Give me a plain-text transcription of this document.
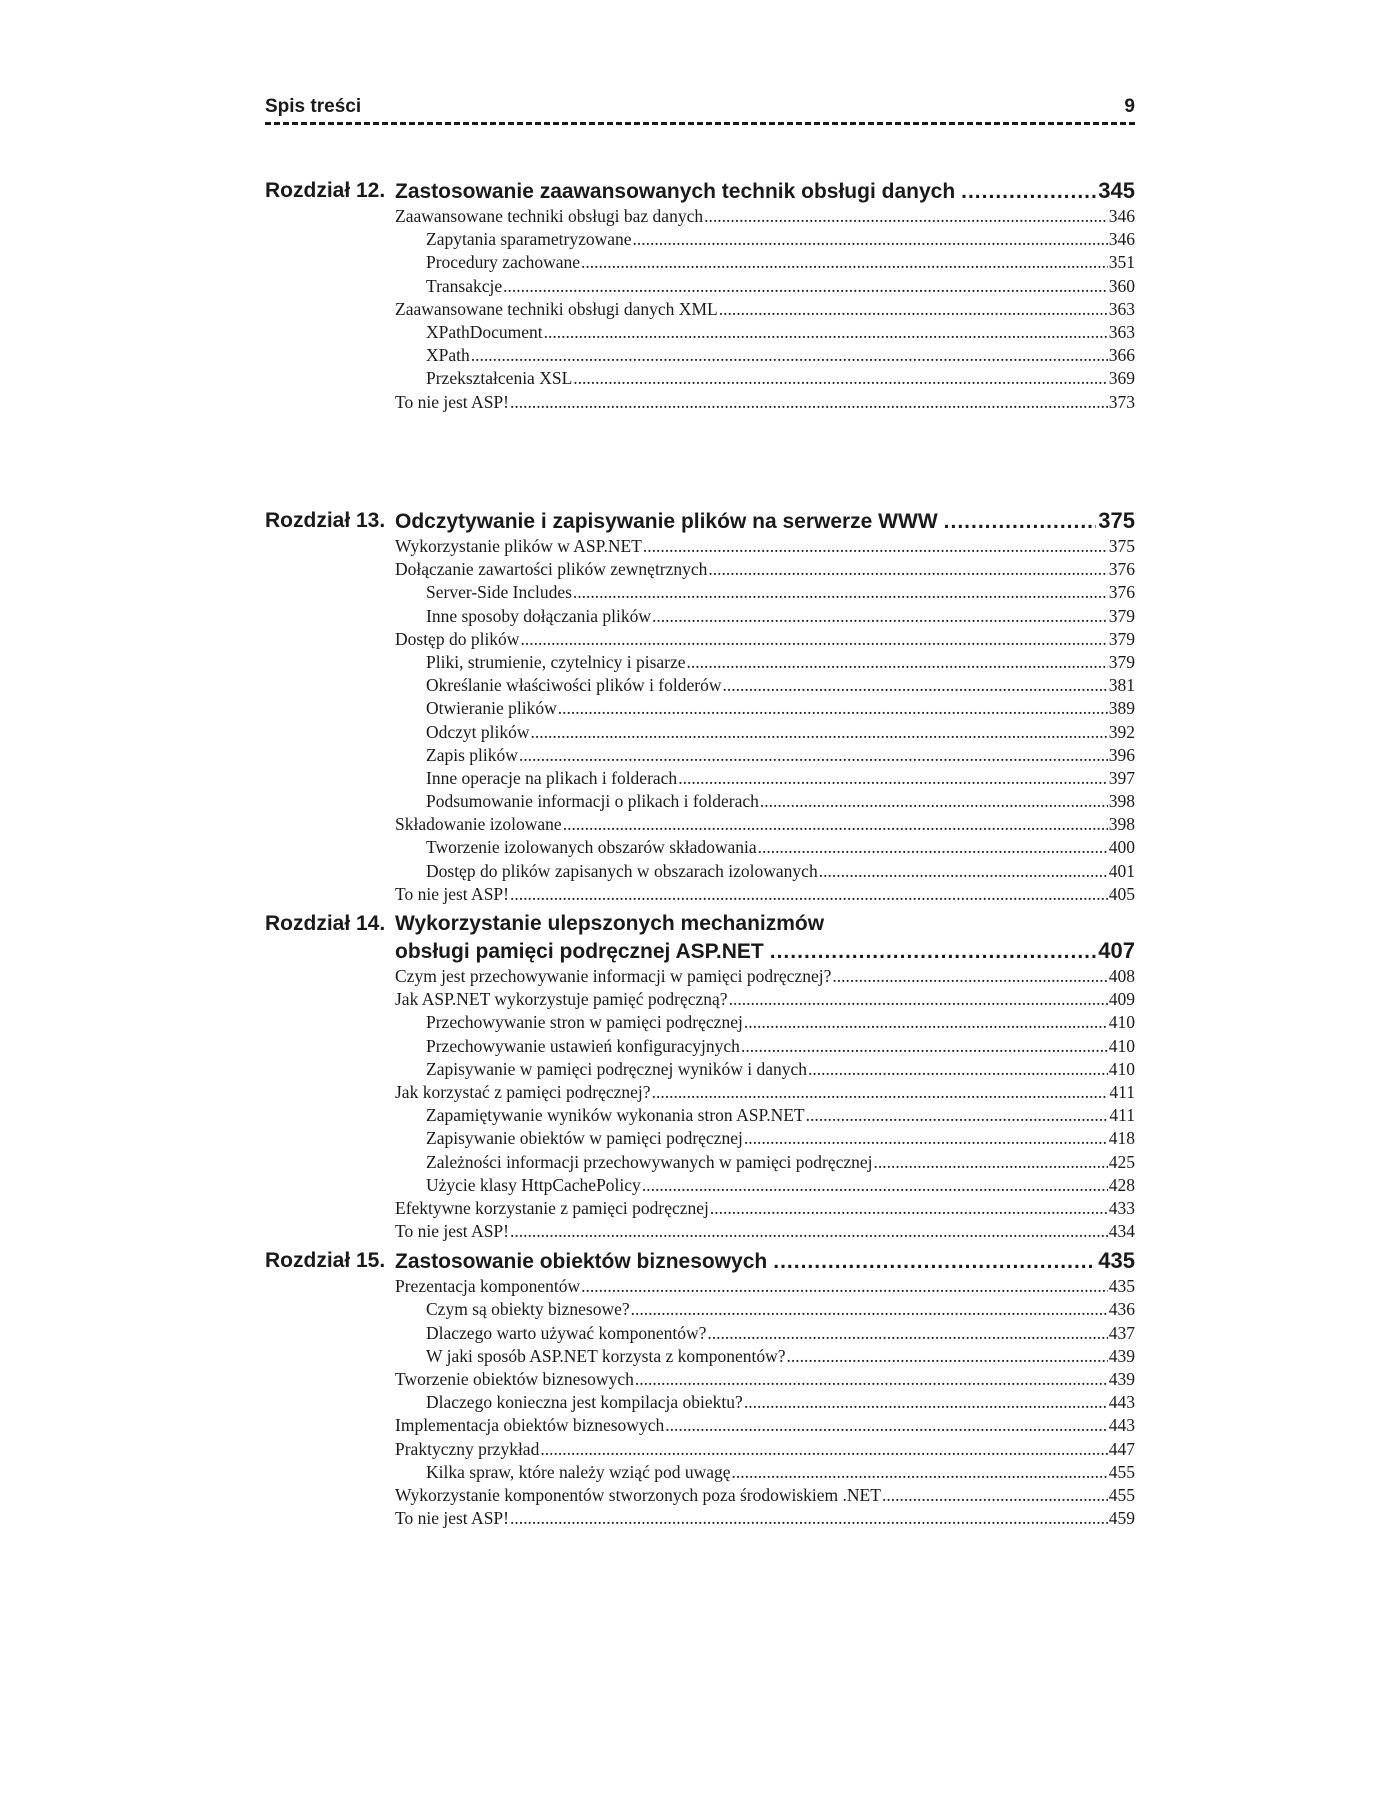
Spis treści	9
Rozdział 12. Zastosowanie zaawansowanych technik obsługi danych .....	345
Zaawansowane techniki obsługi baz danych .....	346
Zapytania sparametryzowane .....	346
Procedury zachowane .....	351
Transakcje .....	360
Zaawansowane techniki obsługi danych XML .....	363
XPathDocument .....	363
XPath .....	366
Przekształcenia XSL .....	369
To nie jest ASP! .....	373
Rozdział 13. Odczytywanie i zapisywanie plików na serwerze WWW .....	375
Wykorzystanie plików w ASP.NET .....	375
Dołączanie zawartości plików zewnętrznych .....	376
Server-Side Includes .....	376
Inne sposoby dołączania plików .....	379
Dostęp do plików .....	379
Pliki, strumienie, czytelnicy i pisarze .....	379
Określanie właściwości plików i folderów .....	381
Otwieranie plików .....	389
Odczyt plików .....	392
Zapis plików .....	396
Inne operacje na plikach i folderach .....	397
Podsumowanie informacji o plikach i folderach .....	398
Składowanie izolowane .....	398
Tworzenie izolowanych obszarów składowania .....	400
Dostęp do plików zapisanych w obszarach izolowanych .....	401
To nie jest ASP! .....	405
Rozdział 14. Wykorzystanie ulepszonych mechanizmów
obsługi pamięci podręcznej ASP.NET .....	407
Czym jest przechowywanie informacji w pamięci podręcznej? .....	408
Jak ASP.NET wykorzystuje pamięć podręczną? .....	409
Przechowywanie stron w pamięci podręcznej .....	410
Przechowywanie ustawień konfiguracyjnych .....	410
Zapisywanie w pamięci podręcznej wyników i danych .....	410
Jak korzystać z pamięci podręcznej? .....	411
Zapamiętywanie wyników wykonania stron ASP.NET .....	411
Zapisywanie obiektów w pamięci podręcznej .....	418
Zależności informacji przechowywanych w pamięci podręcznej .....	425
Użycie klasy HttpCachePolicy .....	428
Efektywne korzystanie z pamięci podręcznej .....	433
To nie jest ASP! .....	434
Rozdział 15. Zastosowanie obiektów biznesowych .....	435
Prezentacja komponentów .....	435
Czym są obiekty biznesowe? .....	436
Dlaczego warto używać komponentów? .....	437
W jaki sposób ASP.NET korzysta z komponentów? .....	439
Tworzenie obiektów biznesowych .....	439
Dlaczego konieczna jest kompilacja obiektu? .....	443
Implementacja obiektów biznesowych .....	443
Praktyczny przykład .....	447
Kilka spraw, które należy wziąć pod uwagę .....	455
Wykorzystanie komponentów stworzonych poza środowiskiem .NET .....	455
To nie jest ASP! .....	459
